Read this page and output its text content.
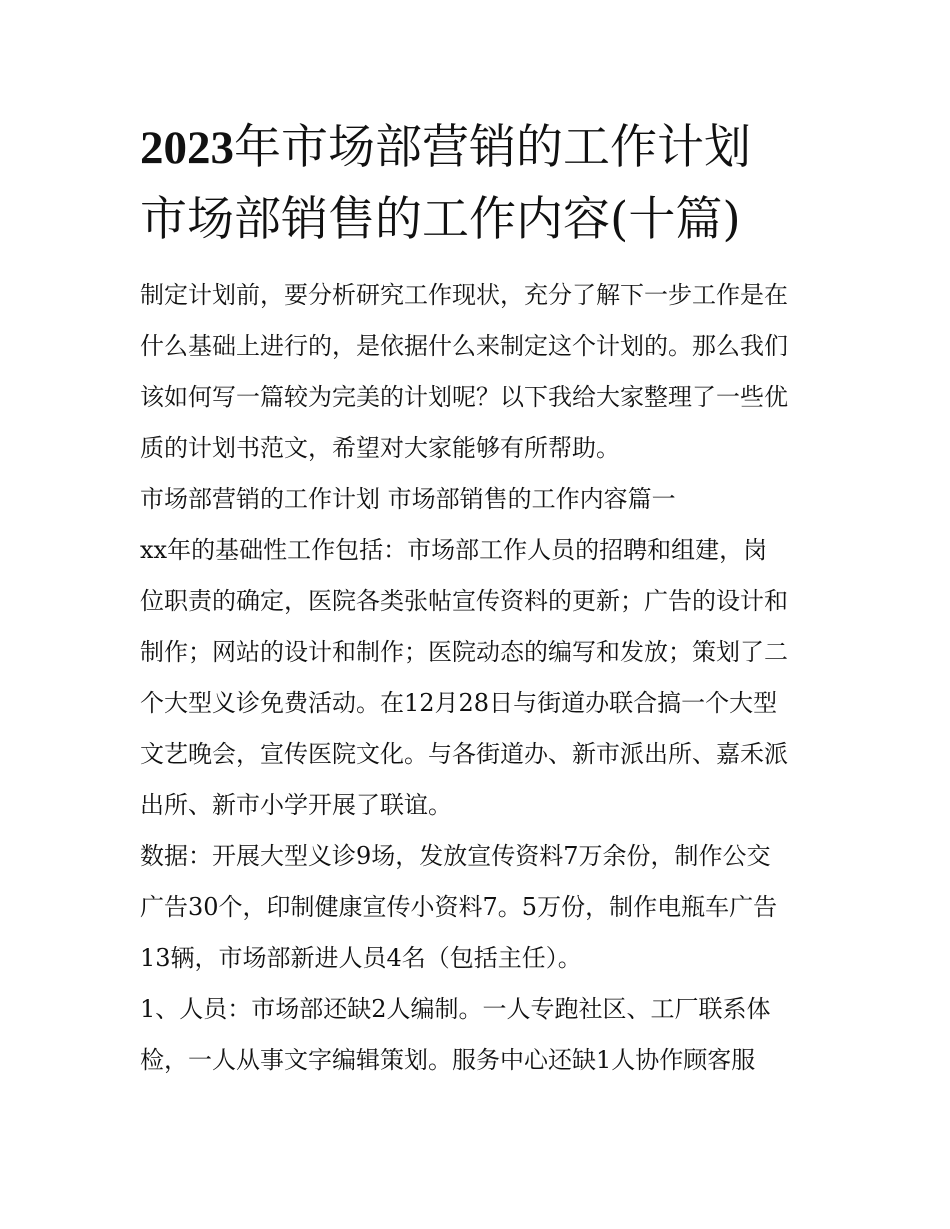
2023年市场部营销的工作计划
市场部销售的工作内容(十篇)

制定计划前，要分析研究工作现状，充分了解下一步工作是在
什么基础上进行的，是依据什么来制定这个计划的。那么我们
该如何写一篇较为完美的计划呢？以下我给大家整理了一些优
质的计划书范文，希望对大家能够有所帮助。

市场部营销的工作计划 市场部销售的工作内容篇一

xx年的基础性工作包括：市场部工作人员的招聘和组建，岗
位职责的确定，医院各类张帖宣传资料的更新；广告的设计和
制作；网站的设计和制作；医院动态的编写和发放；策划了二
个大型义诊免费活动。在12月28日与街道办联合搞一个大型
文艺晚会，宣传医院文化。与各街道办、新市派出所、嘉禾派
出所、新市小学开展了联谊。

数据：开展大型义诊9场，发放宣传资料7万余份，制作公交
广告30个，印制健康宣传小资料7。5万份，制作电瓶车广告
13辆，市场部新进人员4名（包括主任）。

1、人员：市场部还缺2人编制。一人专跑社区、工厂联系体
检，一人从事文字编辑策划。服务中心还缺1人协作顾客服
